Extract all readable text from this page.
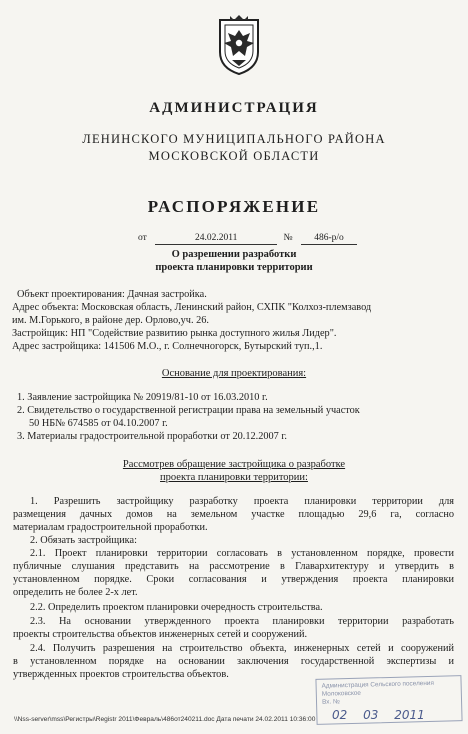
АДМИНИСТРАЦИЯ
ЛЕНИНСКОГО МУНИЦИПАЛЬНОГО РАЙОНА
МОСКОВСКОЙ ОБЛАСТИ
РАСПОРЯЖЕНИЕ
от	24.02.2011	№ 486-р/о
О разрешении разработки
проекта планировки территории
Объект проектирования: Дачная застройка.
Адрес объекта: Московская область, Ленинский район, СХПК "Колхоз-племзавод
им. М.Горького, в районе дер. Орлово,уч. 26.
Застройщик: НП "Содействие развитию рынка доступного жилья Лидер".
Адрес застройщика: 141506 М.О., г. Солнечногорск, Бутырский туп.,1.
Основание для проектирования:
1. Заявление застройщика № 20919/81-10 от 16.03.2010 г.
2. Свидетельство о государственной регистрации права на земельный участок
50 НБ№ 674585 от 04.10.2007 г.
3. Материалы градостроительной проработки от 20.12.2007 г.
Рассмотрев обращение застройщика о разработке
проекта планировки территории:
1. Разрешить застройщику разработку проекта планировки территории для
размещения дачных домов на земельном участке площадью 29,6 га, согласно
материалам градостроительной проработки.
2. Обязать застройщика:
2.1. Проект планировки территории согласовать в установленном порядке, провести
публичные слушания представить на рассмотрение в Главархитектуру и утвердить в
установленном порядке. Сроки согласования и утверждения проекта планировки
определить не более 2-х лет.
2.2. Определить проектом планировки очередность строительства.
2.3. На основании утвержденного проекта планировки территории разработать
проекты строительства объектов инженерных сетей и сооружений.
2.4. Получить разрешения на строительство объекта, инженерных сетей и сооружений
в установленном порядке на основании заключения государственной экспертизы и
утвержденных проектов строительства объектов.
Администрация Сельского поселения
Молоковское
Вх. №
02 03 2011
\\Nss-server\mss\Регистры\Registr 2011\Февраль\486от240211.doc Дата печати 24.02.2011 10:36:00
